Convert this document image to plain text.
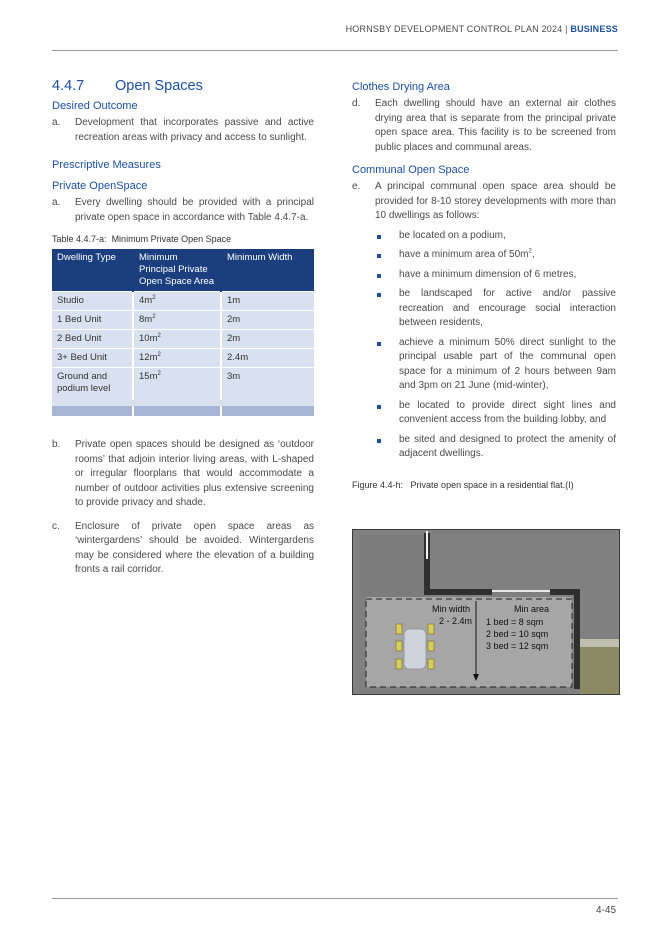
HORNSBY DEVELOPMENT CONTROL PLAN 2024 | BUSINESS
4.4.7	Open Spaces
Desired Outcome
a.	Development that incorporates passive and active recreation areas with privacy and access to sunlight.
Prescriptive Measures
Private OpenSpace
a.	Every dwelling should be provided with a principal private open space in accordance with Table 4.4.7-a.
Table 4.4.7-a: Minimum Private Open Space
Dwelling Type	Minimum Principal Private Open Space Area	Minimum Width
Studio	$4m^2$	1m
1 Bed Unit	$8m^2$	2m
2 Bed Unit	$10m^2$	2m
3+ Bed Unit	$12m^2$	2.4m
Ground and podium level	$15m^2$	3m

b.	Private open spaces should be designed as ‘outdoor rooms’ that adjoin interior living areas, with L-shaped or irregular floorplans that would accommodate a number of outdoor activities plus extensive screening to provide privacy and shade.
c.	Enclosure of private open space areas as ‘wintergardens’ should be avoided. Wintergardens may be considered where the elevation of a building fronts a rail corridor.
Clothes Drying Area
d.	Each dwelling should have an external air clothes drying area that is separate from the principal private open space area. This facility is to be screened from public places and communal areas.
Communal Open Space
e.	A principal communal open space area should be provided for 8-10 storey developments with more than 10 dwellings as follows:
be located on a podium,
have a minimum area of $50m^2$,
have a minimum dimension of 6 metres,
be landscaped for active and/or passive recreation and encourage social interaction between residents,
achieve a minimum 50% direct sunlight to the principal usable part of the communal open space for a minimum of 2 hours between 9am and 3pm on 21 June (mid-winter),
be located to provide direct sight lines and convenient access from the building lobby, and
be sited and designed to protect the amenity of adjacent dwellings.
Figure 4.4-h: Private open space in a residential flat.(I)
Min width
2 - 2.4m
Min area
1 bed = 8 sqm
2 bed = 10 sqm
3 bed = 12 sqm
4-45
